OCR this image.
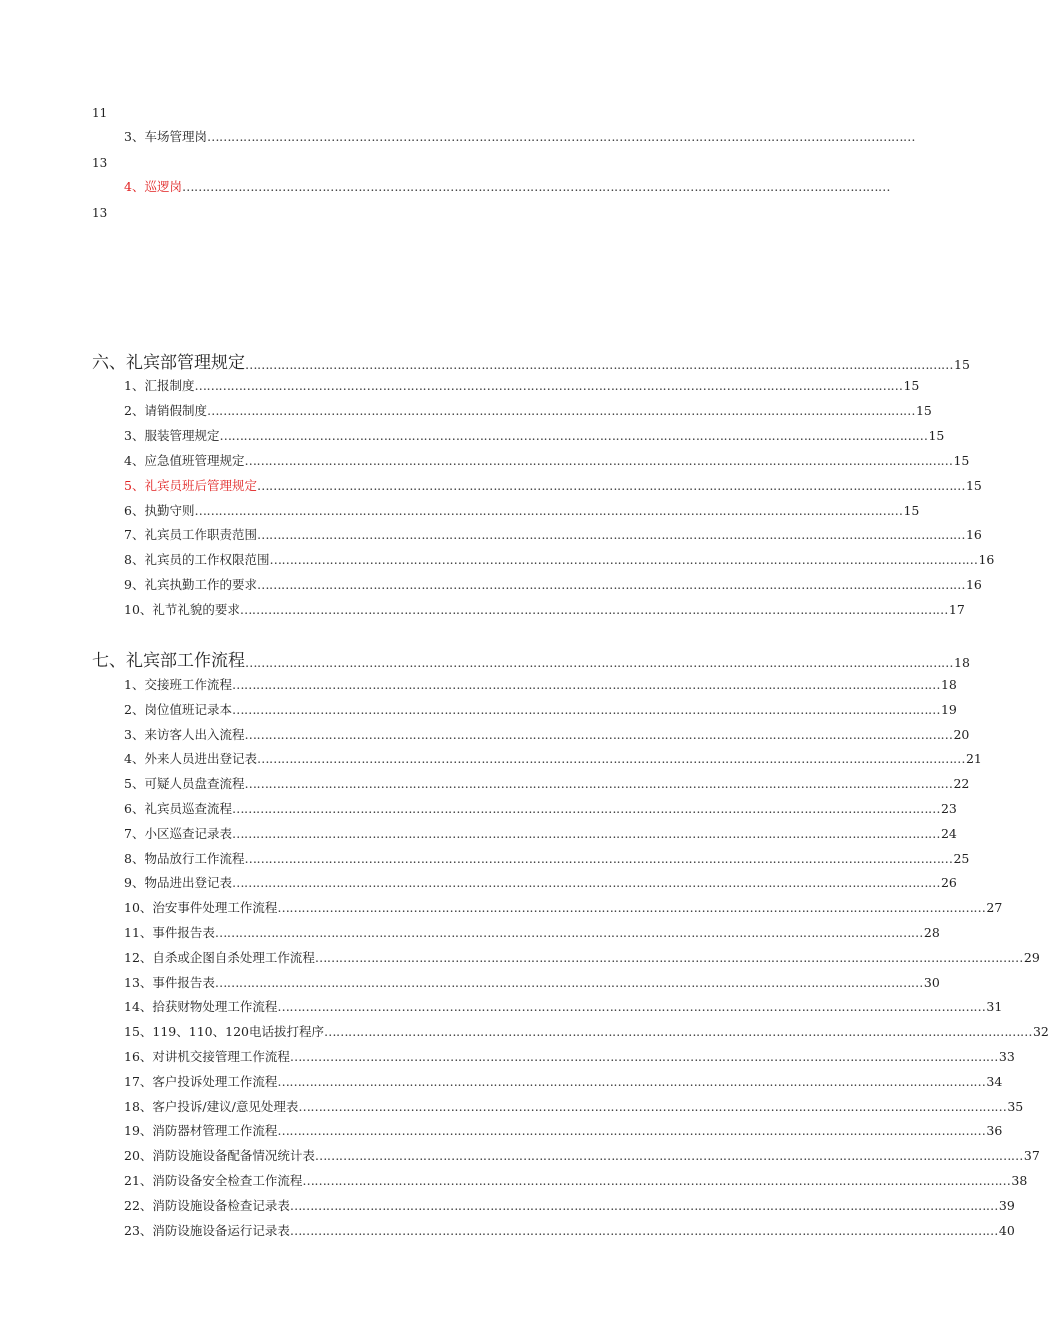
11
3、车场管理岗 ……………………………………………………………………………………………………………………………………………………………
13
4、巡逻岗 ……………………………………………………………………………………………………………………………………………………………
13
六、礼宾部管理规定 …………………………………………………………………………………………………………………………………………………………… 15
1、汇报制度 …………………………………………………………………………………………………………………………………………………………… 15
2、请销假制度 …………………………………………………………………………………………………………………………………………………………… 15
3、服装管理规定 …………………………………………………………………………………………………………………………………………………………… 15
4、应急值班管理规定 …………………………………………………………………………………………………………………………………………………………… 15
5、礼宾员班后管理规定 …………………………………………………………………………………………………………………………………………………………… 15
6、执勤守则 …………………………………………………………………………………………………………………………………………………………… 15
7、礼宾员工作职责范围 …………………………………………………………………………………………………………………………………………………………… 16
8、礼宾员的工作权限范围 …………………………………………………………………………………………………………………………………………………………… 16
9、礼宾执勤工作的要求 …………………………………………………………………………………………………………………………………………………………… 16
10、礼节礼貌的要求 …………………………………………………………………………………………………………………………………………………………… 17
七、礼宾部工作流程 …………………………………………………………………………………………………………………………………………………………… 18
1、交接班工作流程 …………………………………………………………………………………………………………………………………………………………… 18
2、岗位值班记录本 …………………………………………………………………………………………………………………………………………………………… 19
3、来访客人出入流程 …………………………………………………………………………………………………………………………………………………………… 20
4、外来人员进出登记表 …………………………………………………………………………………………………………………………………………………………… 21
5、可疑人员盘查流程 …………………………………………………………………………………………………………………………………………………………… 22
6、礼宾员巡查流程 …………………………………………………………………………………………………………………………………………………………… 23
7、小区巡查记录表 …………………………………………………………………………………………………………………………………………………………… 24
8、物品放行工作流程 …………………………………………………………………………………………………………………………………………………………… 25
9、物品进出登记表 …………………………………………………………………………………………………………………………………………………………… 26
10、治安事件处理工作流程 …………………………………………………………………………………………………………………………………………………………… 27
11、事件报告表 …………………………………………………………………………………………………………………………………………………………… 28
12、自杀或企图自杀处理工作流程 …………………………………………………………………………………………………………………………………………………………… 29
13、事件报告表 …………………………………………………………………………………………………………………………………………………………… 30
14、拾获财物处理工作流程 …………………………………………………………………………………………………………………………………………………………… 31
15、119、110、120电话拔打程序 …………………………………………………………………………………………………………………………………………………………… 32
16、对讲机交接管理工作流程 …………………………………………………………………………………………………………………………………………………………… 33
17、客户投诉处理工作流程 …………………………………………………………………………………………………………………………………………………………… 34
18、客户投诉/建议/意见处理表 …………………………………………………………………………………………………………………………………………………………… 35
19、消防器材管理工作流程 …………………………………………………………………………………………………………………………………………………………… 36
20、消防设施设备配备情况统计表 …………………………………………………………………………………………………………………………………………………………… 37
21、消防设备安全检查工作流程 …………………………………………………………………………………………………………………………………………………………… 38
22、消防设施设备检查记录表 …………………………………………………………………………………………………………………………………………………………… 39
23、消防设施设备运行记录表 …………………………………………………………………………………………………………………………………………………………… 40
